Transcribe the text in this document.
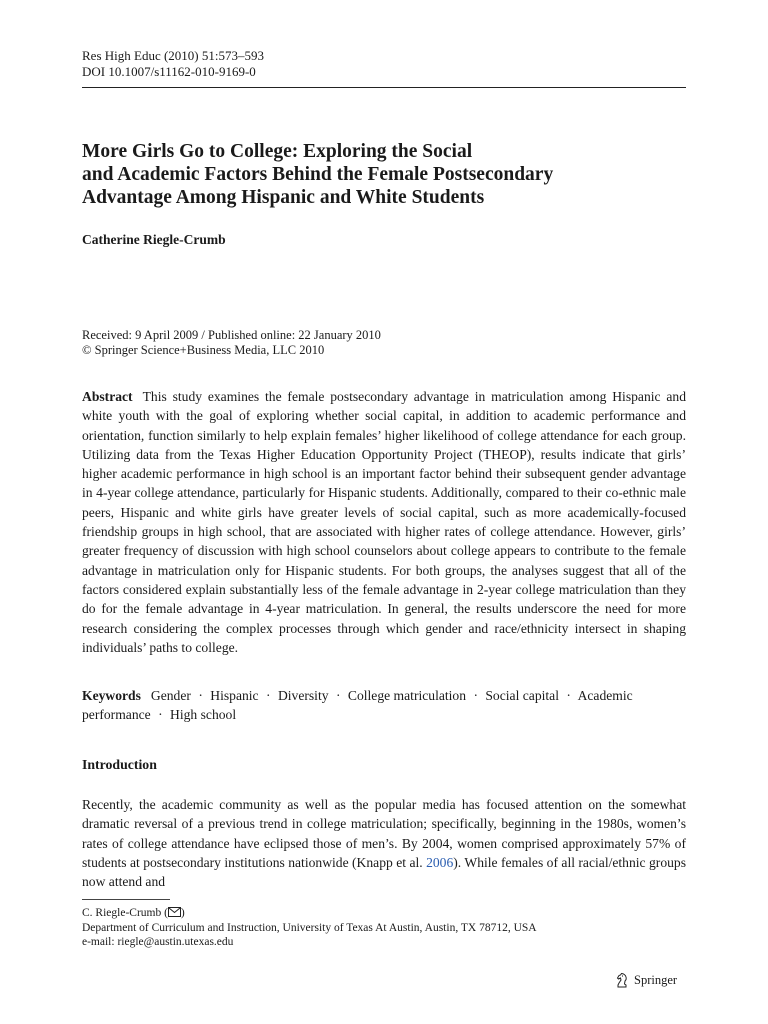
Res High Educ (2010) 51:573–593
DOI 10.1007/s11162-010-9169-0
More Girls Go to College: Exploring the Social
and Academic Factors Behind the Female Postsecondary
Advantage Among Hispanic and White Students
Catherine Riegle-Crumb
Received: 9 April 2009 / Published online: 22 January 2010
© Springer Science+Business Media, LLC 2010
Abstract This study examines the female postsecondary advantage in matriculation among Hispanic and white youth with the goal of exploring whether social capital, in addition to academic performance and orientation, function similarly to help explain females’ higher likelihood of college attendance for each group. Utilizing data from the Texas Higher Education Opportunity Project (THEOP), results indicate that girls’ higher academic performance in high school is an important factor behind their subsequent gender advantage in 4-year college attendance, particularly for Hispanic students. Additionally, compared to their co-ethnic male peers, Hispanic and white girls have greater levels of social capital, such as more academically-focused friendship groups in high school, that are associated with higher rates of college attendance. However, girls’ greater frequency of discussion with high school counselors about college appears to contribute to the female advantage in matriculation only for Hispanic students. For both groups, the analyses suggest that all of the factors considered explain substantially less of the female advantage in 2-year college matriculation than they do for the female advantage in 4-year matriculation. In general, the results underscore the need for more research considering the complex processes through which gender and race/ethnicity intersect in shaping individuals’ paths to college.
Keywords Gender · Hispanic · Diversity · College matriculation · Social capital · Academic performance · High school
Introduction
Recently, the academic community as well as the popular media has focused attention on the somewhat dramatic reversal of a previous trend in college matriculation; specifically, beginning in the 1980s, women’s rates of college attendance have eclipsed those of men’s. By 2004, women comprised approximately 57% of students at postsecondary institutions nationwide (Knapp et al. 2006). While females of all racial/ethnic groups now attend and
C. Riegle-Crumb ( )
Department of Curriculum and Instruction, University of Texas At Austin, Austin, TX 78712, USA
e-mail: riegle@austin.utexas.edu
Springer
